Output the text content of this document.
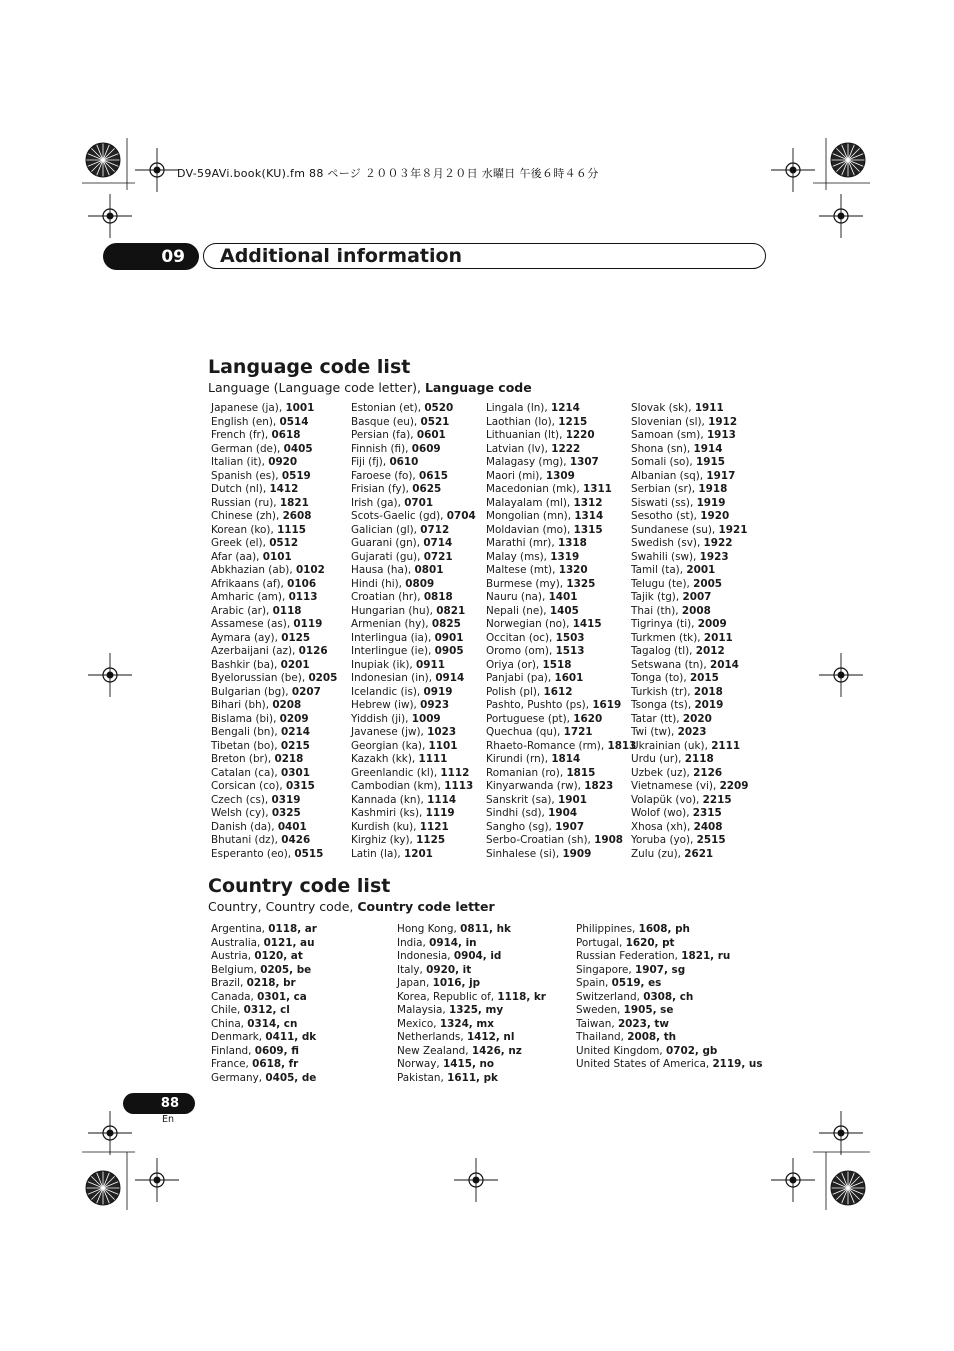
DV-59AVi.book(KU).fm 88 ページ ２００３年８月２０日 水曜日 午後６時４６分
09 Additional information
Language code list
Language (Language code letter), Language code
Japanese (ja), 1001
English (en), 0514
French (fr), 0618
German (de), 0405
Italian (it), 0920
Spanish (es), 0519
Dutch (nl), 1412
Russian (ru), 1821
Chinese (zh), 2608
Korean (ko), 1115
Greek (el), 0512
Afar (aa), 0101
Abkhazian (ab), 0102
Afrikaans (af), 0106
Amharic (am), 0113
Arabic (ar), 0118
Assamese (as), 0119
Aymara (ay), 0125
Azerbaijani (az), 0126
Bashkir (ba), 0201
Byelorussian (be), 0205
Bulgarian (bg), 0207
Bihari (bh), 0208
Bislama (bi), 0209
Bengali (bn), 0214
Tibetan (bo), 0215
Breton (br), 0218
Catalan (ca), 0301
Corsican (co), 0315
Czech (cs), 0319
Welsh (cy), 0325
Danish (da), 0401
Bhutani (dz), 0426
Esperanto (eo), 0515
Estonian (et), 0520
Basque (eu), 0521
Persian (fa), 0601
Finnish (fi), 0609
Fiji (fj), 0610
Faroese (fo), 0615
Frisian (fy), 0625
Irish (ga), 0701
Scots-Gaelic (gd), 0704
Galician (gl), 0712
Guarani (gn), 0714
Gujarati (gu), 0721
Hausa (ha), 0801
Hindi (hi), 0809
Croatian (hr), 0818
Hungarian (hu), 0821
Armenian (hy), 0825
Interlingua (ia), 0901
Interlingue (ie), 0905
Inupiak (ik), 0911
Indonesian (in), 0914
Icelandic (is), 0919
Hebrew (iw), 0923
Yiddish (ji), 1009
Javanese (jw), 1023
Georgian (ka), 1101
Kazakh (kk), 1111
Greenlandic (kl), 1112
Cambodian (km), 1113
Kannada (kn), 1114
Kashmiri (ks), 1119
Kurdish (ku), 1121
Kirghiz (ky), 1125
Latin (la), 1201
Lingala (ln), 1214
Laothian (lo), 1215
Lithuanian (lt), 1220
Latvian (lv), 1222
Malagasy (mg), 1307
Maori (mi), 1309
Macedonian (mk), 1311
Malayalam (ml), 1312
Mongolian (mn), 1314
Moldavian (mo), 1315
Marathi (mr), 1318
Malay (ms), 1319
Maltese (mt), 1320
Burmese (my), 1325
Nauru (na), 1401
Nepali (ne), 1405
Norwegian (no), 1415
Occitan (oc), 1503
Oromo (om), 1513
Oriya (or), 1518
Panjabi (pa), 1601
Polish (pl), 1612
Pashto, Pushto (ps), 1619
Portuguese (pt), 1620
Quechua (qu), 1721
Rhaeto-Romance (rm), 1813
Kirundi (rn), 1814
Romanian (ro), 1815
Kinyarwanda (rw), 1823
Sanskrit (sa), 1901
Sindhi (sd), 1904
Sangho (sg), 1907
Serbo-Croatian (sh), 1908
Sinhalese (si), 1909
Slovak (sk), 1911
Slovenian (sl), 1912
Samoan (sm), 1913
Shona (sn), 1914
Somali (so), 1915
Albanian (sq), 1917
Serbian (sr), 1918
Siswati (ss), 1919
Sesotho (st), 1920
Sundanese (su), 1921
Swedish (sv), 1922
Swahili (sw), 1923
Tamil (ta), 2001
Telugu (te), 2005
Tajik (tg), 2007
Thai (th), 2008
Tigrinya (ti), 2009
Turkmen (tk), 2011
Tagalog (tl), 2012
Setswana (tn), 2014
Tonga (to), 2015
Turkish (tr), 2018
Tsonga (ts), 2019
Tatar (tt), 2020
Twi (tw), 2023
Ukrainian (uk), 2111
Urdu (ur), 2118
Uzbek (uz), 2126
Vietnamese (vi), 2209
Volapük (vo), 2215
Wolof (wo), 2315
Xhosa (xh), 2408
Yoruba (yo), 2515
Zulu (zu), 2621
Country code list
Country, Country code, Country code letter
Argentina, 0118, ar
Australia, 0121, au
Austria, 0120, at
Belgium, 0205, be
Brazil, 0218, br
Canada, 0301, ca
Chile, 0312, cl
China, 0314, cn
Denmark, 0411, dk
Finland, 0609, fi
France, 0618, fr
Germany, 0405, de
Hong Kong, 0811, hk
India, 0914, in
Indonesia, 0904, id
Italy, 0920, it
Japan, 1016, jp
Korea, Republic of, 1118, kr
Malaysia, 1325, my
Mexico, 1324, mx
Netherlands, 1412, nl
New Zealand, 1426, nz
Norway, 1415, no
Pakistan, 1611, pk
Philippines, 1608, ph
Portugal, 1620, pt
Russian Federation, 1821, ru
Singapore, 1907, sg
Spain, 0519, es
Switzerland, 0308, ch
Sweden, 1905, se
Taiwan, 2023, tw
Thailand, 2008, th
United Kingdom, 0702, gb
United States of America, 2119, us
88
En
